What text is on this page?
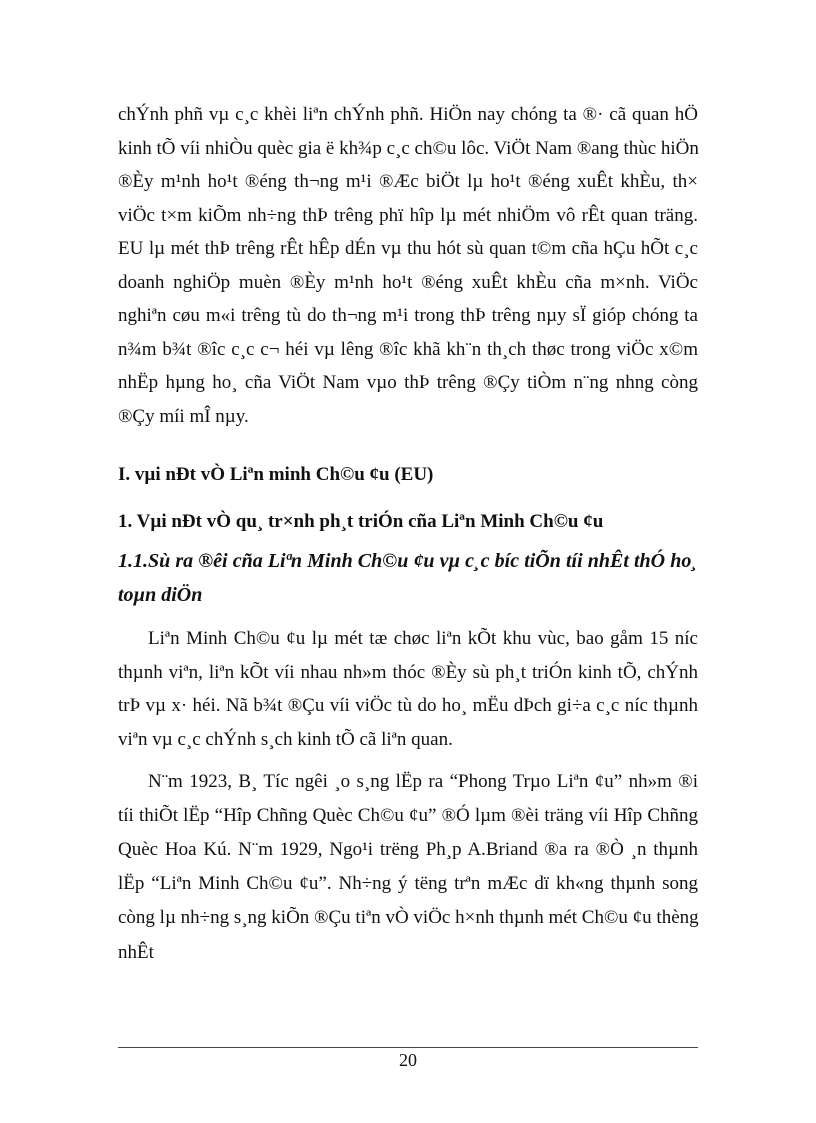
chÝnh phñ vµ c¸c khèi liªn chÝnh phñ. HiÖn nay chóng ta ®· cã quan hÖ
kinh tÕ víi nhiÒu quèc gia ë kh¾p c¸c ch©u lôc. ViÖt Nam ®ang thùc hiÖn
®Èy m¹nh ho¹t ®éng th¬ng m¹i ®Æc biÖt lµ ho¹t ®éng xuÊt khÈu, th×
viÖc t×m kiÕm nh÷ng thÞ trêng phï hîp lµ mét nhiÖm vô rÊt quan träng.
EU lµ mét thÞ trêng rÊt hÊp dÉn vµ thu hót sù quan t©m cña hÇu hÕt c¸c
doanh nghiÖp muèn ®Èy m¹nh ho¹t ®éng xuÊt khÈu cña m×nh. ViÖc
nghiªn cøu m«i trêng tù do th¬ng m¹i trong thÞ trêng nµy sÏ gióp chóng ta
n¾m b¾t ®îc c¸c c¬ héi vµ lêng ®îc khã kh¨n th¸ch thøc trong viÖc x©m
nhËp hµng ho¸ cña ViÖt Nam vµo thÞ trêng ®Çy tiÒm n¨ng nhng còng
®Çy míi mÎ nµy.
I. vµi nÐt vÒ Liªn minh Ch©u ¢u (EU)
1. Vµi nÐt vÒ qu¸ tr×nh ph¸t triÓn cña Liªn Minh Ch©u ¢u
1.1.Sù ra ®êi cña Liªn Minh Ch©u ¢u vµ c¸c bíc tiÕn tíi nhÊt thÓ ho¸
toµn diÖn
Liªn Minh Ch©u ¢u lµ mét tæ chøc liªn kÕt khu vùc, bao gåm 15 níc
thµnh viªn, liªn kÕt víi nhau nh»m thóc ®Èy sù ph¸t triÓn kinh tÕ, chÝnh
trÞ vµ x· héi. Nã b¾t ®Çu víi viÖc tù do ho¸ mËu dÞch gi÷a c¸c níc thµnh
viªn vµ c¸c chÝnh s¸ch kinh tÕ cã liªn quan.
N¨m 1923, B¸ Tíc ngêi ¸o s¸ng lËp ra “Phong Trµo Liªn ¢u” nh»m ®i
tíi thiÕt lËp “Hîp Chñng Quèc Ch©u ¢u” ®Ó lµm ®èi träng víi Hîp Chñng
Quèc Hoa Kú. N¨m 1929, Ngo¹i trëng Ph¸p A.Briand ®a ra ®Ò ¸n thµnh
lËp “Liªn Minh Ch©u ¢u”. Nh÷ng ý tëng trªn mÆc dï kh«ng thµnh song
còng lµ nh÷ng s¸ng kiÕn ®Çu tiªn vÒ viÖc h×nh thµnh mét Ch©u ¢u thèng
nhÊt
20
